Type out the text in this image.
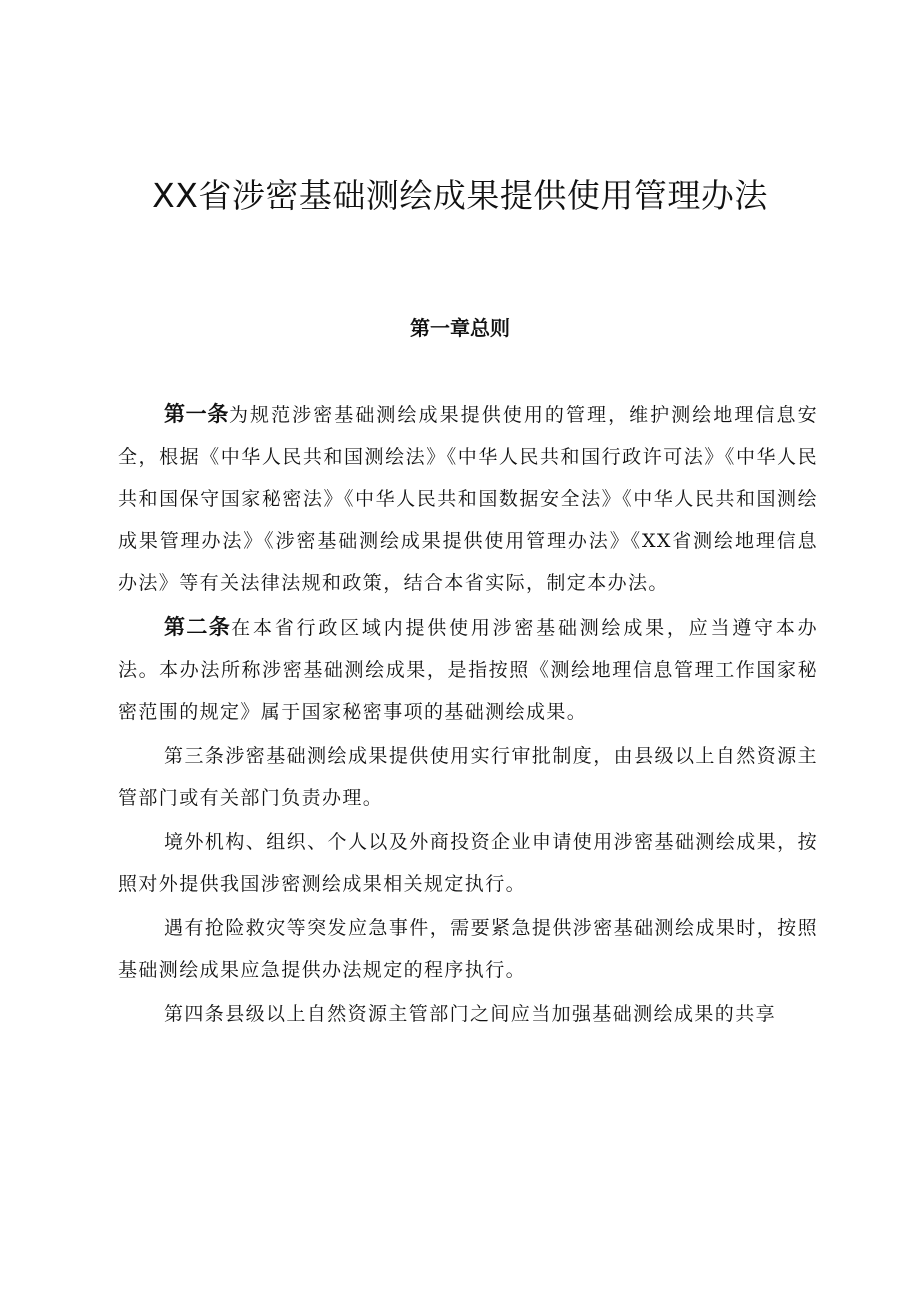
XX省涉密基础测绘成果提供使用管理办法
第一章总则

第一条为规范涉密基础测绘成果提供使用的管理，维护测绘地理信息安全，根据《中华人民共和国测绘法》《中华人民共和国行政许可法》《中华人民共和国保守国家秘密法》《中华人民共和国数据安全法》《中华人民共和国测绘成果管理办法》《涉密基础测绘成果提供使用管理办法》《XX省测绘地理信息办法》等有关法律法规和政策，结合本省实际，制定本办法。

第二条在本省行政区域内提供使用涉密基础测绘成果，应当遵守本办法。本办法所称涉密基础测绘成果，是指按照《测绘地理信息管理工作国家秘密范围的规定》属于国家秘密事项的基础测绘成果。

第三条涉密基础测绘成果提供使用实行审批制度，由县级以上自然资源主管部门或有关部门负责办理。

境外机构、组织、个人以及外商投资企业申请使用涉密基础测绘成果，按照对外提供我国涉密测绘成果相关规定执行。

遇有抢险救灾等突发应急事件，需要紧急提供涉密基础测绘成果时，按照基础测绘成果应急提供办法规定的程序执行。

第四条县级以上自然资源主管部门之间应当加强基础测绘成果的共享
